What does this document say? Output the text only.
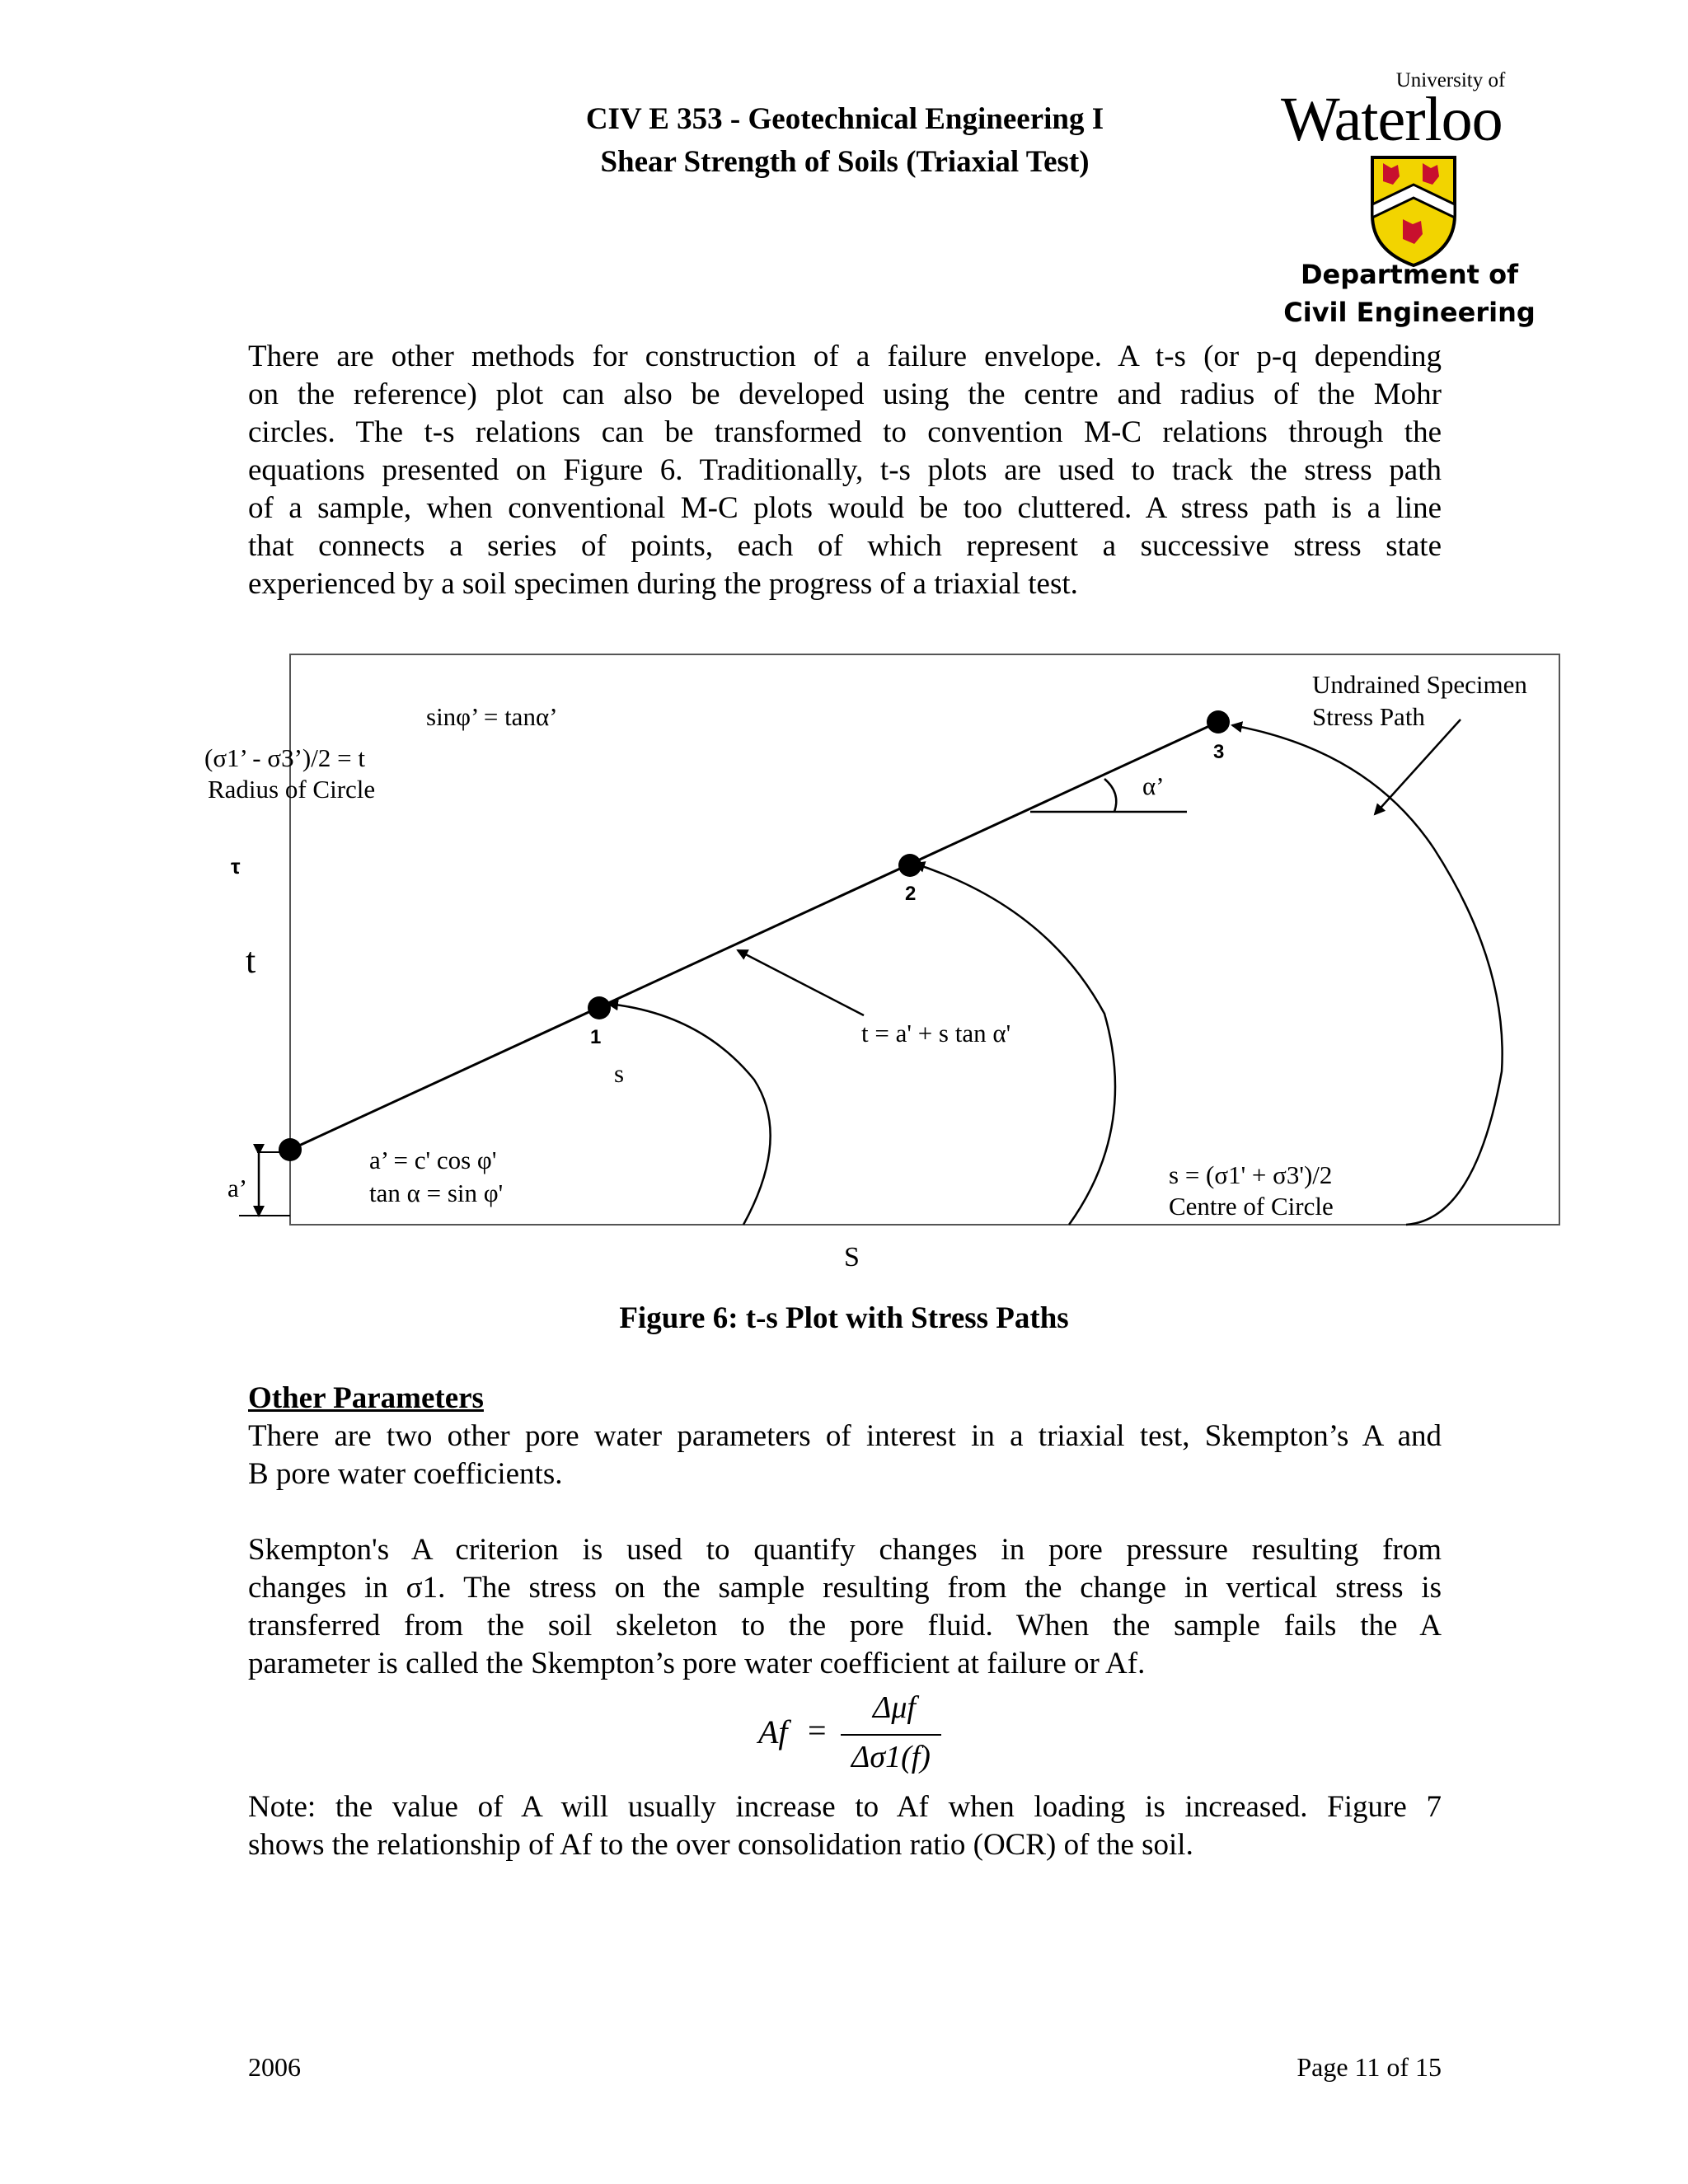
CIV E 353 - Geotechnical Engineering I
Shear Strength of Soils (Triaxial Test)
University of
Waterloo
Department of
Civil Engineering
There are other methods for construction of a failure envelope. A t-s (or p-q depending
on the reference) plot can also be developed using the centre and radius of the Mohr
circles. The t-s relations can be transformed to convention M-C relations through the
equations presented on Figure 6. Traditionally, t-s plots are used to track the stress path
of a sample, when conventional M-C plots would be too cluttered. A stress path is a line
that connects a series of points, each of which represent a successive stress state
experienced by a soil specimen during the progress of a triaxial test.
1
2
3
Undrained Specimen
Stress Path
sinφ’ = tanα’
(σ1’ - σ3’)/2 = t
Radius of Circle
τ
t
α’
t = a' + s tan α'
s
a’
a’ = c' cos φ'
tan α = sin φ'
s = (σ1' + σ3')/2
Centre of Circle
S
Figure 6: t-s Plot with Stress Paths
Other Parameters
There are two other pore water parameters of interest in a triaxial test, Skempton’s A and
B pore water coefficients.
Skempton's A criterion is used to quantify changes in pore pressure resulting from
changes in σ1. The stress on the sample resulting from the change in vertical stress is
transferred from the soil skeleton to the pore fluid. When the sample fails the A
parameter is called the Skempton’s pore water coefficient at failure or Af.
Af =
Δμf
Δσ1(f)
Note: the value of A will usually increase to Af when loading is increased. Figure 7
shows the relationship of Af to the over consolidation ratio (OCR) of the soil.
2006	Page 11 of 15
